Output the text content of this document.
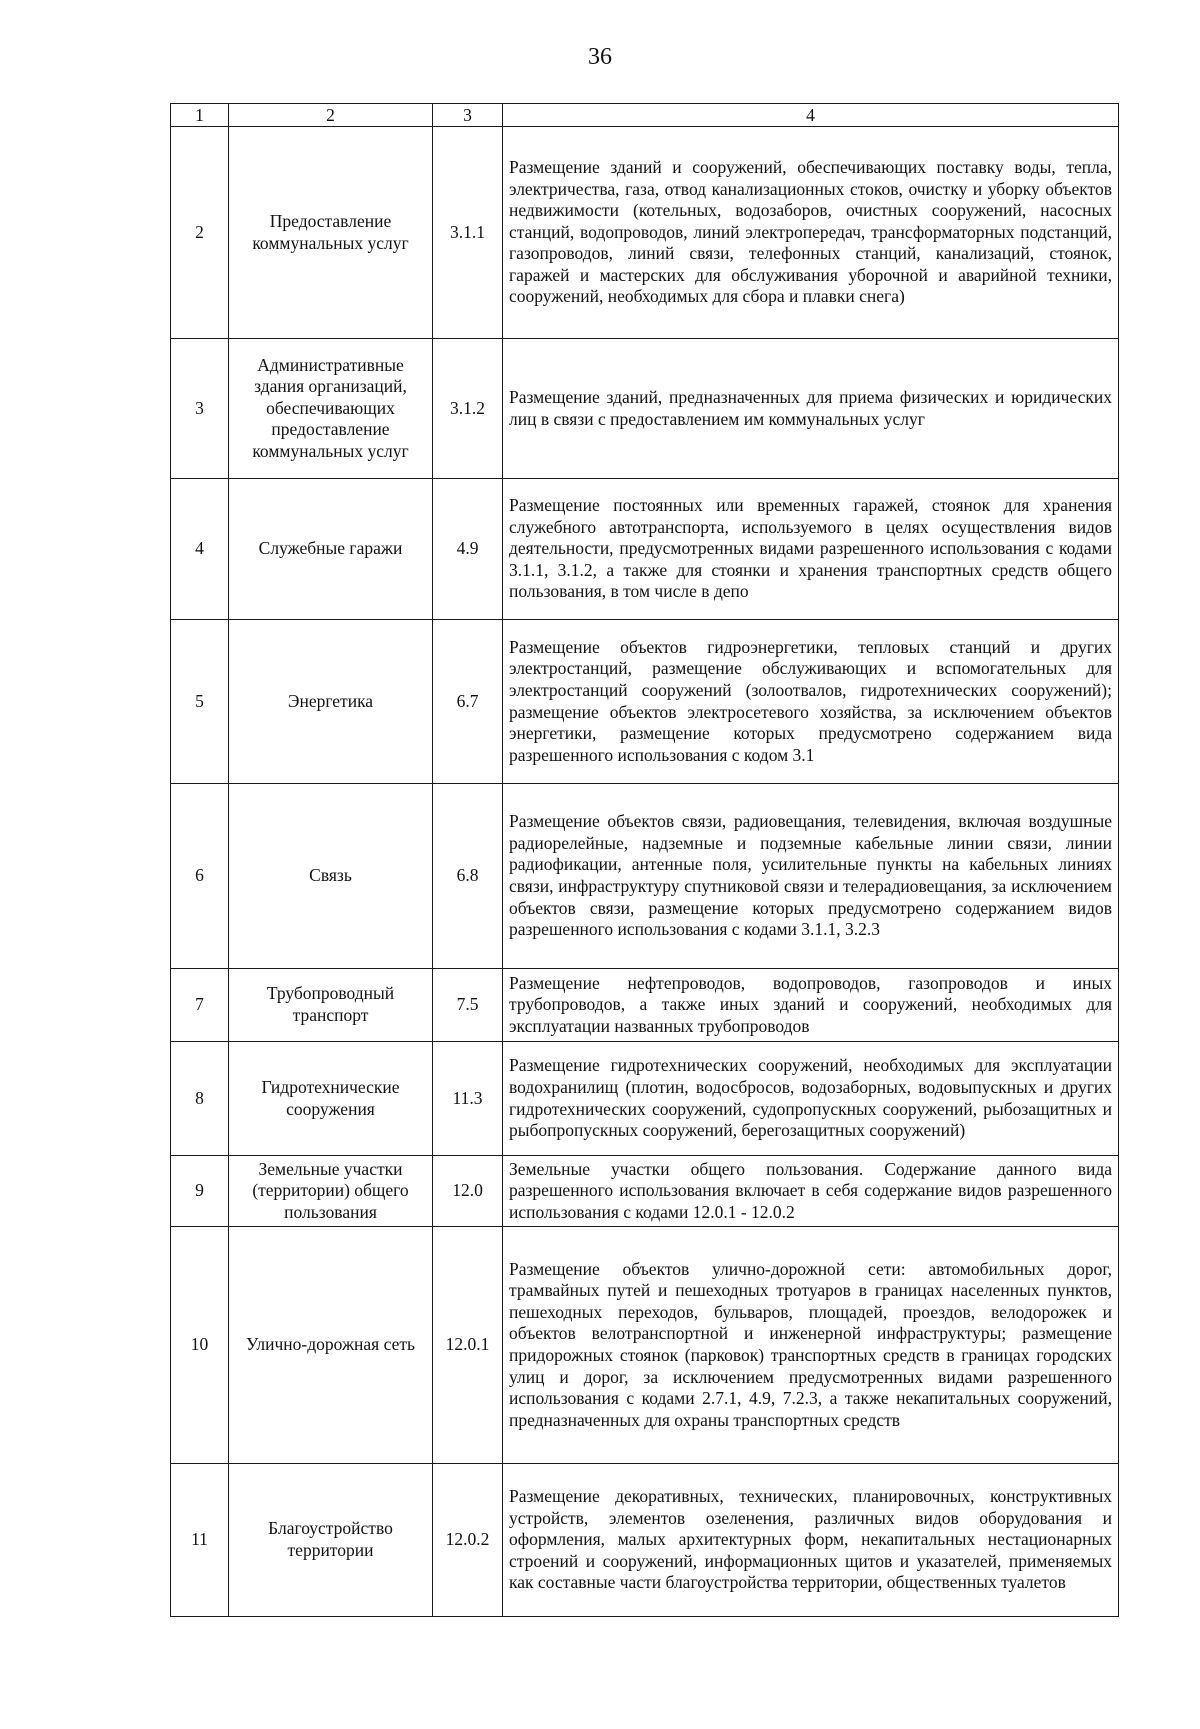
36
1	2	3	4
2	Предоставление коммунальных услуг	3.1.1	Размещение зданий и сооружений, обеспечивающих поставку воды, тепла, электричества, газа, отвод канализационных стоков, очистку и уборку объектов недвижимости (котельных, водозаборов, очистных сооружений, насосных станций, водопроводов, линий электропередач, трансформаторных подстанций, газопроводов, линий связи, телефонных станций, канализаций, стоянок, гаражей и мастерских для обслуживания уборочной и аварийной техники, сооружений, необходимых для сбора и плавки снега)
3	Административные здания организаций, обеспечивающих предоставление коммунальных услуг	3.1.2	Размещение зданий, предназначенных для приема физических и юридических лиц в связи с предоставлением им коммунальных услуг
4	Служебные гаражи	4.9	Размещение постоянных или временных гаражей, стоянок для хранения служебного автотранспорта, используемого в целях осуществления видов деятельности, предусмотренных видами разрешенного использования с кодами 3.1.1, 3.1.2, а также для стоянки и хранения транспортных средств общего пользования, в том числе в депо
5	Энергетика	6.7	Размещение объектов гидроэнергетики, тепловых станций и других электростанций, размещение обслуживающих и вспомогательных для электростанций сооружений (золоотвалов, гидротехнических сооружений); размещение объектов электросетевого хозяйства, за исключением объектов энергетики, размещение которых предусмотрено содержанием вида разрешенного использования с кодом 3.1
6	Связь	6.8	Размещение объектов связи, радиовещания, телевидения, включая воздушные радиорелейные, надземные и подземные кабельные линии связи, линии радиофикации, антенные поля, усилительные пункты на кабельных линиях связи, инфраструктуру спутниковой связи и телерадиовещания, за исключением объектов связи, размещение которых предусмотрено содержанием видов разрешенного использования с кодами 3.1.1, 3.2.3
7	Трубопроводный транспорт	7.5	Размещение нефтепроводов, водопроводов, газопроводов и иных трубопроводов, а также иных зданий и сооружений, необходимых для эксплуатации названных трубопроводов
8	Гидротехнические сооружения	11.3	Размещение гидротехнических сооружений, необходимых для эксплуатации водохранилищ (плотин, водосбросов, водозаборных, водовыпускных и других гидротехнических сооружений, судопропускных сооружений, рыбозащитных и рыбопропускных сооружений, берегозащитных сооружений)
9	Земельные участки (территории) общего пользования	12.0	Земельные участки общего пользования. Содержание данного вида разрешенного использования включает в себя содержание видов разрешенного использования с кодами 12.0.1 - 12.0.2
10	Улично-дорожная сеть	12.0.1	Размещение объектов улично-дорожной сети: автомобильных дорог, трамвайных путей и пешеходных тротуаров в границах населенных пунктов, пешеходных переходов, бульваров, площадей, проездов, велодорожек и объектов велотранспортной и инженерной инфраструктуры; размещение придорожных стоянок (парковок) транспортных средств в границах городских улиц и дорог, за исключением предусмотренных видами разрешенного использования с кодами 2.7.1, 4.9, 7.2.3, а также некапитальных сооружений, предназначенных для охраны транспортных средств
11	Благоустройство территории	12.0.2	Размещение декоративных, технических, планировочных, конструктивных устройств, элементов озеленения, различных видов оборудования и оформления, малых архитектурных форм, некапитальных нестационарных строений и сооружений, информационных щитов и указателей, применяемых как составные части благоустройства территории, общественных туалетов
